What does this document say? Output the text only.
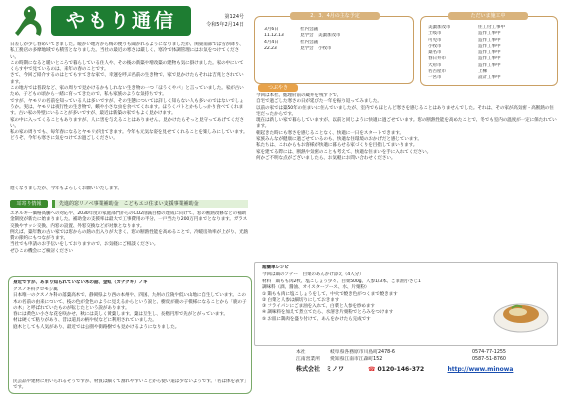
やもり通信	第124号
令和5年2月14日
日差しが少し春めいてきました。暖かい地方から梅の便りも聞かれるようになりましたが、関東南部では雪が降り、私工務店の多摩地域でも積雪となりました。当社の最近の寒さは厳しく、寒冷で体調管理にはお気をつけてください。
この時期になると暖いところで暮らしている住人や、その後の新築や増改築の建物も気に掛けました。家の中にいてくらす中で見ているのは、来年の春のことです。
さて、今回ご紹介するのはとてもすてきな家で、幸運を呼ぶ名前の生き物で、家で見かけたらそれは吉兆とされています。
この地方では普段など、家の周りで見かけるかもしれない生き物の一つ「ほうくやパ」と言っていました。家が古いため、子どもの頃から一緒に育ってきたので、私も家族のような気持ちです。
ですが、ヤモリの名前を知っている人は多いですが、その生態については詳しく知らない人も多いのではないでしょうか。実は、ヤモリは夜行性の生き物で、蛾や小さな虫を食べてくれます。ほうくパトとかもしっかり食べてくれます。古い家の外壁にいることが多いですが、最近は新築の家でもよく見かけます。
家の中に入ってくることもありますが、人に害を与えることはありません。見かけたらそっと見守ってあげてください。
私の家の周りでも、毎年春になるとヤモリが出てきます。今年も元気な姿を見せてくれることを楽しみにしています。
どうぞ、今年も寒さに気をつけてお過ごしください。
遅くなりましたが、今年もよろしくお願いいたします。
耳寄り情報	先進的窓リノベ事業補助金　こどもエコ住まい支援事業補助金
エネルギー価格高騰への対応や、2030年度の家庭部門からのCO2削減目標の達成に向けて、窓の断熱改修などの補助金制度が新たに始まりました。補助金の支援率は最大で工事費用の半分、一戸当たり200万円までとなります。ガラス交換やサッシ交換、内窓の設置、外窓交換などが対象となります。
例えば、築年数の古い家では窓からの熱の出入りが大きく、窓の断熱性能を高めることで、冷暖房効率が上がり、光熱費の節約にもつながります。
当社でも申請のお手伝いをしておりますので、お気軽にご相談ください。
ぜひこの機会にご検討ください
身近ですが、あまり知られていない木の話、金虹（カナクギ）ノキ
クスノキ科クロモジ属
日本唯一のクスノキ科の落葉高木で、静岡県より西の本州や、四国、九州の丘陵や低い山地に自生しています。この木の名前の由来について、枝の色が金色のように見えるからという説と、樹皮が鹿の子模様になることから「鹿の子の木」と呼ばれていたものが転じたという説があります。
春には黄色い小さな花を咲かせ、秋には美しく黄葉します。葉は互生し、長楕円形で先がとがっています。
材は硬くて粘りがあり、昔は道具の柄や杖などに利用されていました。
庭木としても人気があり、最近では公園や街路樹でも見かけるようになりました。
民芸品や建材に用いられるそうですが、材質は細くて割れやすいことから使い道は少ないようです。「名は体を表す」です。
2．3．4月の主な予定
3月6日	社内会議
11.12.13	見学会　美濃加茂市
4月4日	社内会議
22.23	見学会　小牧市
ただいま施工中
美濃加茂市	住工付工事中
土岐市	造作工事中
可児市	造作工事中
小牧市	造作工事中
桑名市	造作工事中
春日井市	造作工事中
大府市	造作工事中
名古屋市	上棟
一宮市	設計工事中
つぶやき
今回は本社、総理府前の蔵井を残す下で、
自宅で過ごした寒さの日が延びた一年を振り返ってみました。
以前の家では築50年の住まいに住んでいましたが、室内でもほとんど寒さを感じることはありませんでした。それは、その家が高気密・高断熱の住宅だったからです。
現在は新しい家で暮らしていますが、以前と同じように快適に過ごせています。窓の断熱性能を高めたことで、冬でも室内の温度が一定に保たれています。
朝起きた時にも寒さを感じることなく、快適に一日をスタートできます。
家族みんなが健康に過ごせているのも、快適な住環境のおかげだと感じています。
私たちは、これからもお客様が快適に暮らせる家づくりを目指してまいります。
家を建てる際には、断熱や気密のことも考えて、快適な住まいを手に入れてください。
何かご不明な点がございましたら、お気軽にお問い合わせください。
超簡単レシピ
今回は鶏のソテー　白菜のあんかけ添え（4人分）
材料　鶏もも肉2枚、塩こしょう少々、白菜500g、人参1/3本、ごま油小さじ1
調味料（酒、醤油、オイスターソース、水、片栗粉）
① 鶏もも肉に塩こしょうをして、中火で焼き色がつくまで焼きます
② 白菜と人参は細切りにしておきます
③ フライパンにごま油を入れて、白菜と人参を炒めます
④ 調味料を加えて煮立てたら、水溶き片栗粉でとろみをつけます
⑤ お皿に鶏肉を盛り付けて、あんをかけたら完成です
本社	岐阜県各務原市川島町2478-6	0574-77-1255
江南営業所 愛知県江南市江森町152	0587-51-8760
株式会社　ミノワ	☎ 0120-146-372	http://www.minowa
